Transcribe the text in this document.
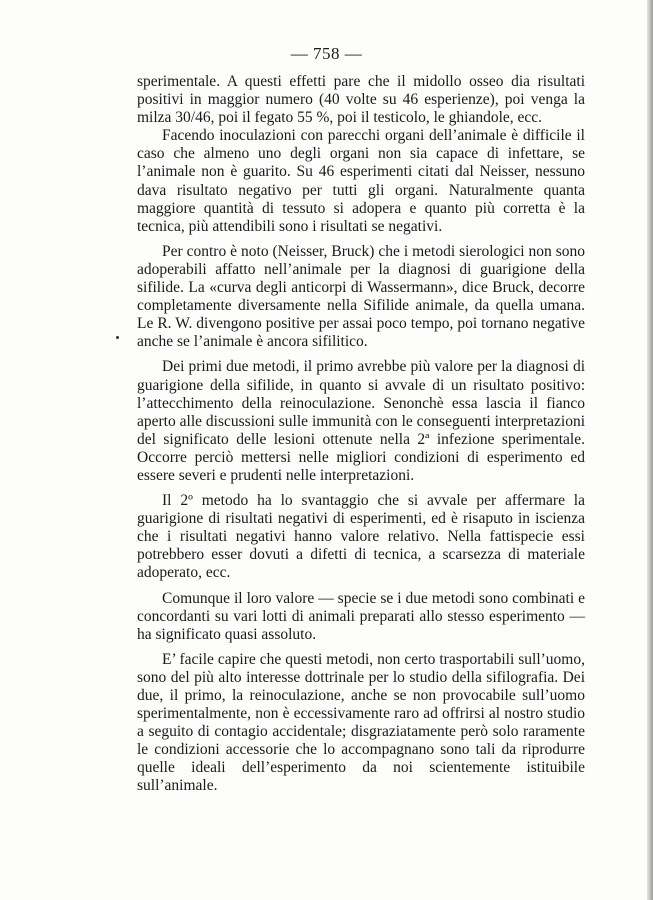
— 758 —

sperimentale. A questi effetti pare che il midollo osseo dia risultati positivi in maggior numero (40 volte su 46 esperienze), poi venga la milza 30/46, poi il fegato 55 %, poi il testicolo, le ghiandole, ecc.

Facendo inoculazioni con parecchi organi dell’animale è difficile il caso che almeno uno degli organi non sia capace di infettare, se l’animale non è guarito. Su 46 esperimenti citati dal Neisser, nessuno dava risultato negativo per tutti gli organi. Naturalmente quanta maggiore quantità di tessuto si adopera e quanto più corretta è la tecnica, più attendibili sono i risultati se negativi.

Per contro è noto (Neisser, Bruck) che i metodi sierologici non sono adoperabili affatto nell’animale per la diagnosi di guarigione della sifilide. La «curva degli anticorpi di Wassermann», dice Bruck, decorre completamente diversamente nella Sifilide animale, da quella umana. Le R. W. divengono positive per assai poco tempo, poi tornano negative anche se l’animale è ancora sifilitico.

Dei primi due metodi, il primo avrebbe più valore per la diagnosi di guarigione della sifilide, in quanto si avvale di un risultato positivo: l’attecchimento della reinoculazione. Senonchè essa lascia il fianco aperto alle discussioni sulle immunità con le conseguenti interpretazioni del significato delle lesioni ottenute nella 2ª infezione sperimentale. Occorre perciò mettersi nelle migliori condizioni di esperimento ed essere severi e prudenti nelle interpretazioni.

Il 2º metodo ha lo svantaggio che si avvale per affermare la guarigione di risultati negativi di esperimenti, ed è risaputo in iscienza che i risultati negativi hanno valore relativo. Nella fattispecie essi potrebbero esser dovuti a difetti di tecnica, a scarsezza di materiale adoperato, ecc.

Comunque il loro valore — specie se i due metodi sono combinati e concordanti su vari lotti di animali preparati allo stesso esperimento — ha significato quasi assoluto.

E’ facile capire che questi metodi, non certo trasportabili sull’uomo, sono del più alto interesse dottrinale per lo studio della sifilografia. Dei due, il primo, la reinoculazione, anche se non provocabile sull’uomo sperimentalmente, non è eccessivamente raro ad offrirsi al nostro studio a seguito di contagio accidentale; disgraziatamente però solo raramente le condizioni accessorie che lo accompagnano sono tali da riprodurre quelle ideali dell’esperimento da noi scientemente istituibile sull’animale.
